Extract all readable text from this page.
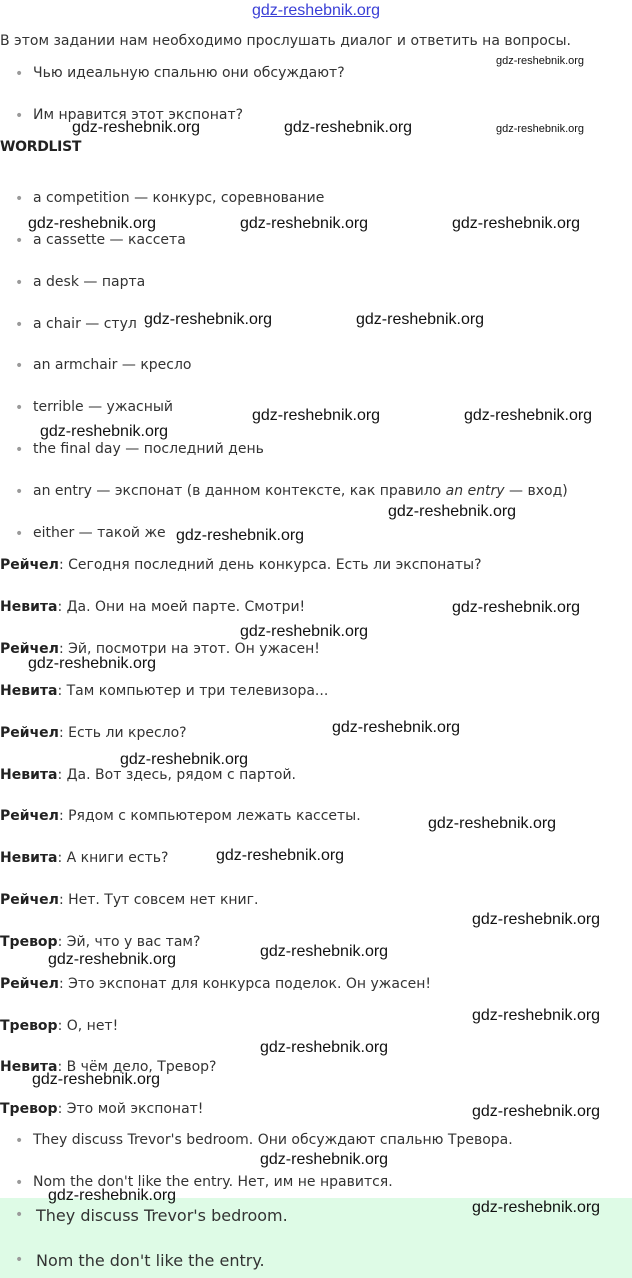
gdz-reshebnik.org
В этом задании нам необходимо прослушать диалог и ответить на вопросы.
• Чью идеальную спальню они обсуждают?
• Им нравится этот экспонат?
WORDLIST
• a competition — конкурс, соревнование
• a cassette — кассета
• a desk — парта
• a chair — стул
• an armchair — кресло
• terrible — ужасный
• the final day — последний день
• an entry — экспонат (в данном контексте, как правило an entry — вход)
• either — такой же
Рейчел: Сегодня последний день конкурса. Есть ли экспонаты?
Невита: Да. Они на моей парте. Смотри!
Рейчел: Эй, посмотри на этот. Он ужасен!
Невита: Там компьютер и три телевизора...
Рейчел: Есть ли кресло?
Невита: Да. Вот здесь, рядом с партой.
Рейчел: Рядом с компьютером лежать кассеты.
Невита: А книги есть?
Рейчел: Нет. Тут совсем нет книг.
Тревор: Эй, что у вас там?
Рейчел: Это экспонат для конкурса поделок. Он ужасен!
Тревор: О, нет!
Невита: В чём дело, Тревор?
Тревор: Это мой экспонат!
• They discuss Trevor's bedroom. Они обсуждают спальню Тревора.
• Nom the don't like the entry. Нет, им не нравится.
• They discuss Trevor's bedroom.
• Nom the don't like the entry.
gdz-reshebnik.org
gdz-reshebnik.org
gdz-reshebnik.org	gdz-reshebnik.org
gdz-reshebnik.org	gdz-reshebnik.org	gdz-reshebnik.org
gdz-reshebnik.org	gdz-reshebnik.org
gdz-reshebnik.org	gdz-reshebnik.org
gdz-reshebnik.org
gdz-reshebnik.org
gdz-reshebnik.org
gdz-reshebnik.org
gdz-reshebnik.org
gdz-reshebnik.org
gdz-reshebnik.org
gdz-reshebnik.org
gdz-reshebnik.org
gdz-reshebnik.org
gdz-reshebnik.org
gdz-reshebnik.org
gdz-reshebnik.org
gdz-reshebnik.org
gdz-reshebnik.org
gdz-reshebnik.org
gdz-reshebnik.org
gdz-reshebnik.org
gdz-reshebnik.org
gdz-reshebnik.org
